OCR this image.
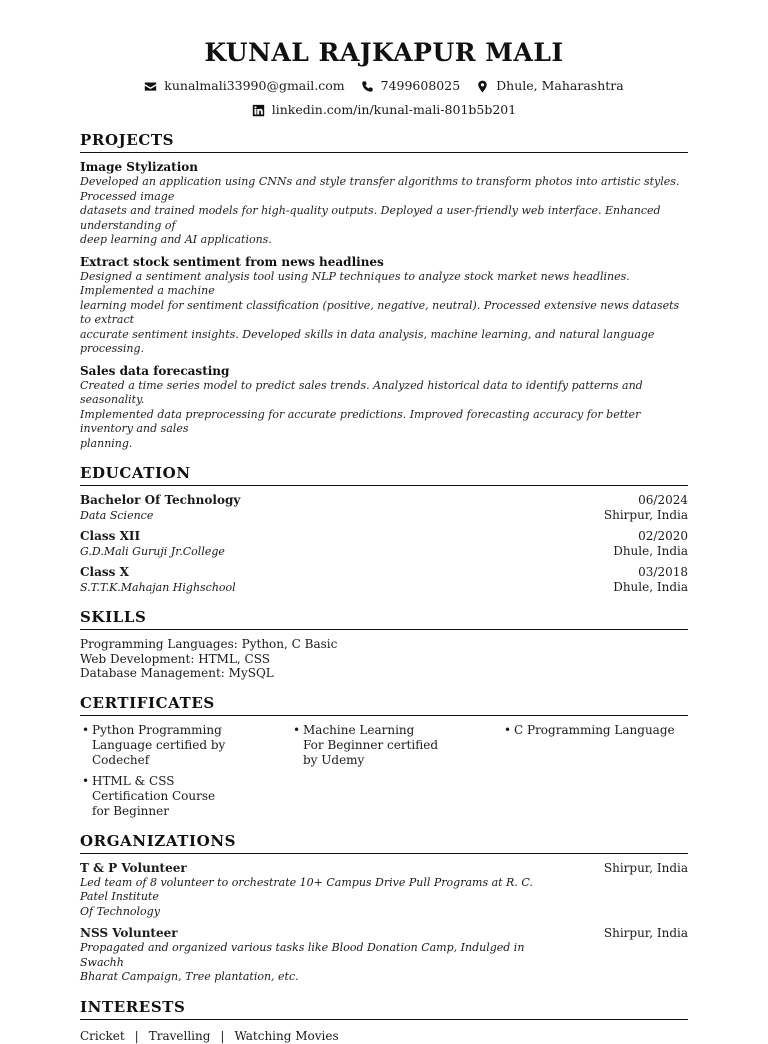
KUNAL RAJKAPUR MALI
kunalmali33990@gmail.com	7499608025	Dhule, Maharashtra
linkedin.com/in/kunal-mali-801b5b201
PROJECTS
Image Stylization
Developed an application using CNNs and style transfer algorithms to transform photos into artistic styles. Processed image
datasets and trained models for high-quality outputs. Deployed a user-friendly web interface. Enhanced understanding of
deep learning and AI applications.
Extract stock sentiment from news headlines
Designed a sentiment analysis tool using NLP techniques to analyze stock market news headlines. Implemented a machine
learning model for sentiment classification (positive, negative, neutral). Processed extensive news datasets to extract
accurate sentiment insights. Developed skills in data analysis, machine learning, and natural language processing.
Sales data forecasting
Created a time series model to predict sales trends. Analyzed historical data to identify patterns and seasonality.
Implemented data preprocessing for accurate predictions. Improved forecasting accuracy for better inventory and sales
planning.
EDUCATION
Bachelor Of Technology	06/2024
Data Science	Shirpur, India
Class XII	02/2020
G.D.Mali Guruji Jr.College	Dhule, India
Class X	03/2018
S.T.T.K.Mahajan Highschool	Dhule, India
SKILLS
Programming Languages: Python, C Basic
Web Development: HTML, CSS
Database Management: MySQL
CERTIFICATES
• Python Programming Language certified by Codechef
• Machine Learning For Beginner certified by Udemy
• C Programming Language
• HTML & CSS Certification Course for Beginner
ORGANIZATIONS
T & P Volunteer	Shirpur, India
Led team of 8 volunteer to orchestrate 10+ Campus Drive Pull Programs at R. C. Patel Institute
Of Technology
NSS Volunteer	Shirpur, India
Propagated and organized various tasks like Blood Donation Camp, Indulged in Swachh
Bharat Campaign, Tree plantation, etc.
INTERESTS
Cricket | Travelling | Watching Movies
